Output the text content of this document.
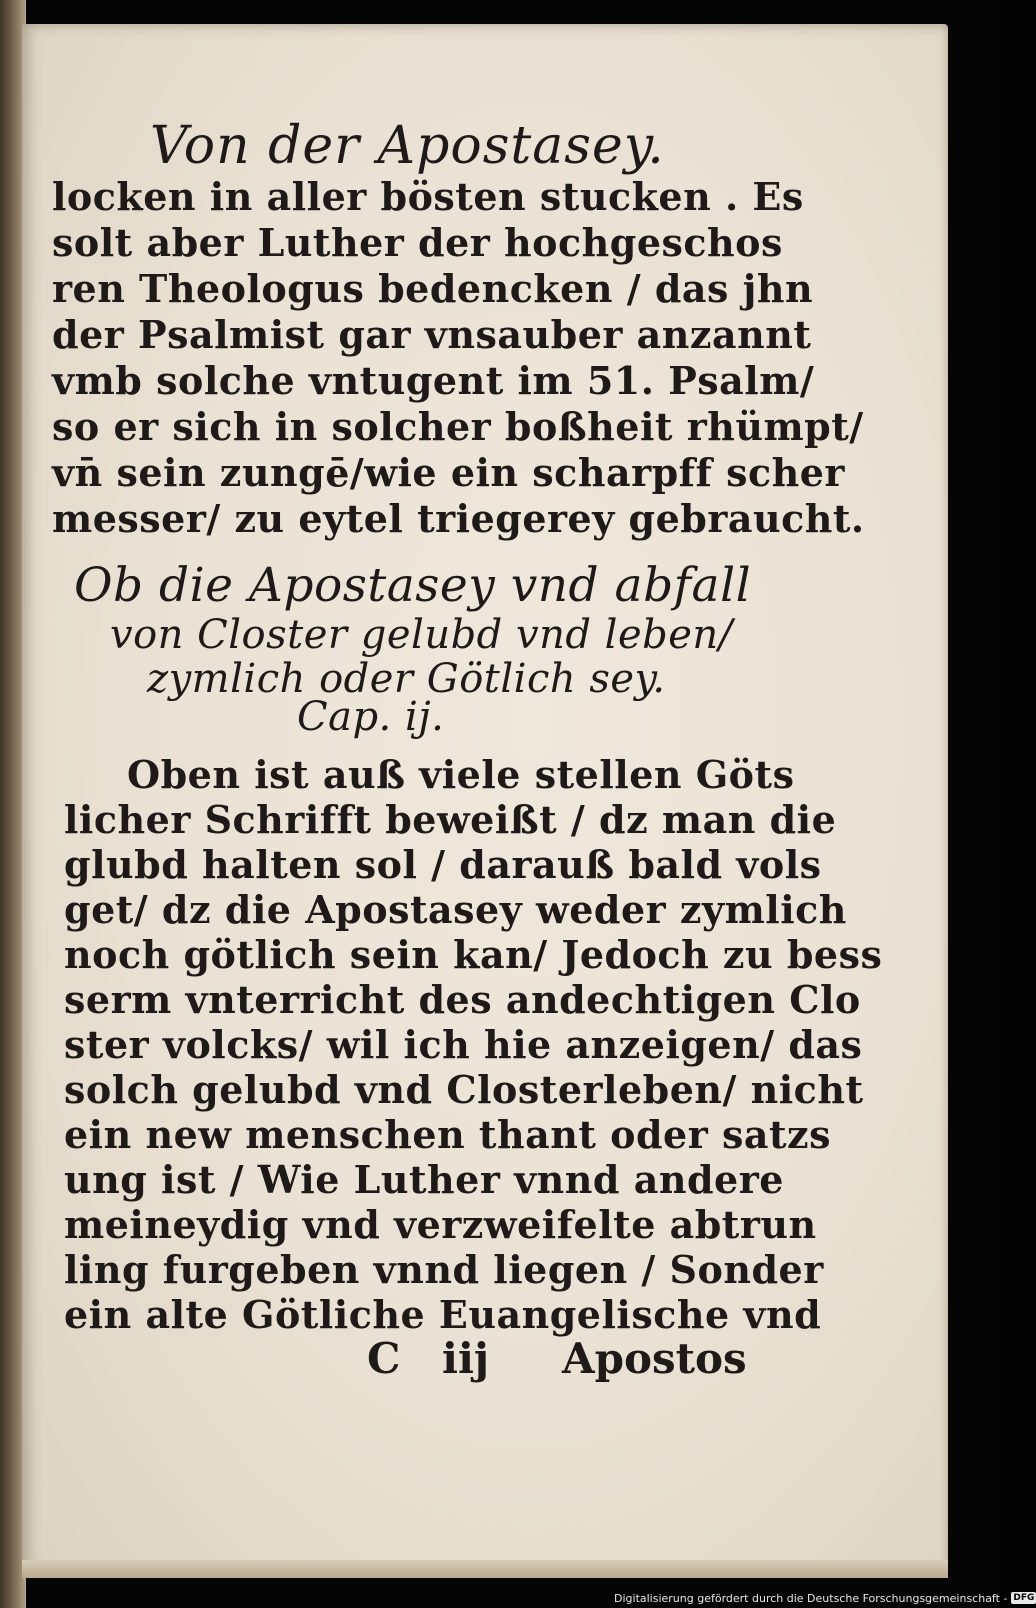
Von der Apostasey.
locken in aller bösten stucken . Es
solt aber Luther der hochgeschos
ren Theologus bedencken / das jhn
der Psalmist gar vnsauber anzannt
vmb solche vntugent im 51. Psalm/
so er sich in solcher boßheit rhümpt/
vn̄ sein zungē/wie ein scharpff scher
messer/ zu eytel triegerey gebraucht.
Ob die Apostasey vnd abfall
von Closter gelubd vnd leben/
zymlich oder Götlich sey.
Cap. ij.
Oben ist auß viele stellen Göts
licher Schrifft beweißt / dz man die
glubd halten sol / darauß bald vols
get/ dz die Apostasey weder zymlich
noch götlich sein kan/ Jedoch zu bess
serm vnterricht des andechtigen Clo
ster volcks/ wil ich hie anzeigen/ das
solch gelubd vnd Closterleben/ nicht
ein new menschen thant oder satzs
ung ist / Wie Luther vnnd andere
meineydig vnd verzweifelte abtrun
ling furgeben vnnd liegen / Sonder
ein alte Götliche Euangelische vnd
C iij Apostos
Digitalisierung gefördert durch die Deutsche Forschungsgemeinschaft - DFG
